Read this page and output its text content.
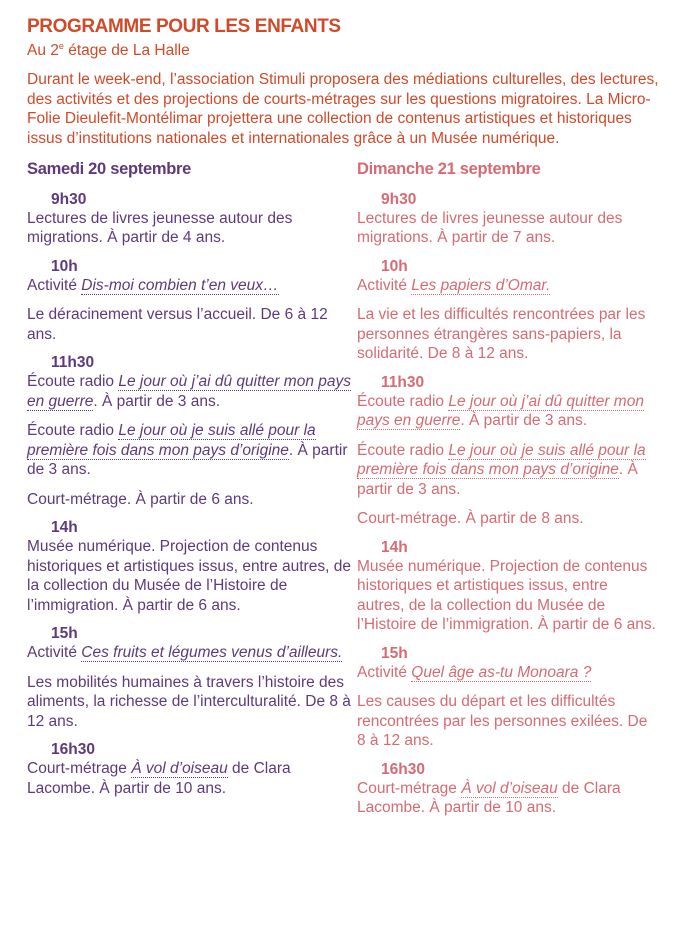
PROGRAMME POUR LES ENFANTS

Au 2e étage de La Halle

Durant le week-end, l’association Stimuli proposera des médiations culturelles, des lectures, des activités et des projections de courts-métrages sur les questions migratoires. La Micro-Folie Dieulefit-Montélimar projettera une collection de contenus artistiques et historiques issus d’institutions nationales et internationales grâce à un Musée numérique.

Samedi 20 septembre
9h30

Lectures de livres jeunesse autour des migrations. À partir de 4 ans.

10h

Activité Dis-moi combien t’en veux…

Le déracinement versus l’accueil. De 6 à 12 ans.

11h30

Écoute radio Le jour où j’ai dû quitter mon pays en guerre. À partir de 3 ans.

Écoute radio Le jour où je suis allé pour la première fois dans mon pays d’origine. À partir de 3 ans.

Court-métrage. À partir de 6 ans.

14h

Musée numérique. Projection de contenus historiques et artistiques issus, entre autres, de la collection du Musée de l’Histoire de l’immigration. À partir de 6 ans.

15h

Activité Ces fruits et légumes venus d’ailleurs.

Les mobilités humaines à travers l’histoire des aliments, la richesse de l’interculturalité. De 8 à 12 ans.

16h30

Court-métrage À vol d’oiseau de Clara Lacombe. À partir de 10 ans.

Dimanche 21 septembre
9h30

Lectures de livres jeunesse autour des migrations. À partir de 7 ans.

10h

Activité Les papiers d’Omar.

La vie et les difficultés rencontrées par les personnes étrangères sans-papiers, la solidarité. De 8 à 12 ans.

11h30

Écoute radio Le jour où j’ai dû quitter mon pays en guerre. À partir de 3 ans.

Écoute radio Le jour où je suis allé pour la première fois dans mon pays d’origine. À partir de 3 ans.

Court-métrage. À partir de 8 ans.

14h

Musée numérique. Projection de contenus historiques et artistiques issus, entre autres, de la collection du Musée de l’Histoire de l’immigration. À partir de 6 ans.

15h

Activité Quel âge as-tu Monoara ?

Les causes du départ et les difficultés rencontrées par les personnes exilées. De 8 à 12 ans.

16h30

Court-métrage À vol d’oiseau de Clara Lacombe. À partir de 10 ans.
